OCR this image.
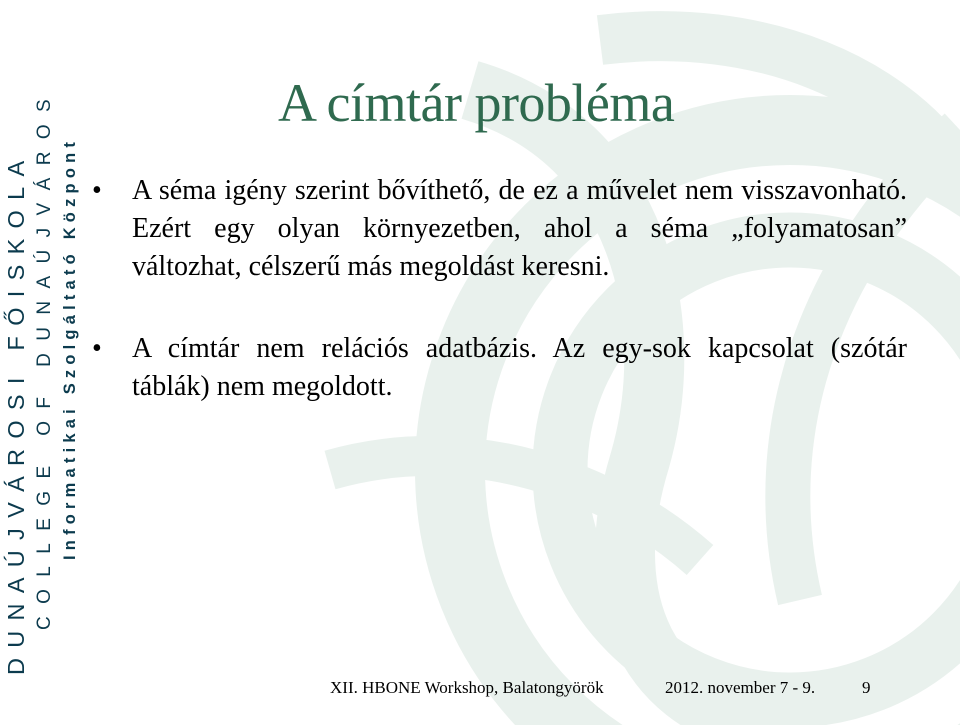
DUNAÚJVÁROSI FŐISKOLA COLLEGE OF DUNAÚJVÁROS Informatikai Szolgáltató Központ
A címtár probléma
• A séma igény szerint bővíthető, de ez a művelet nem visszavonható. Ezért egy olyan környezetben, ahol a séma „folyamatosan” változhat, célszerű más megoldást keresni.
• A címtár nem relációs adatbázis. Az egy-sok kapcsolat (szótár táblák) nem megoldott.
XII. HBONE Workshop, Balatongyörök	2012. november 7 - 9.	9
